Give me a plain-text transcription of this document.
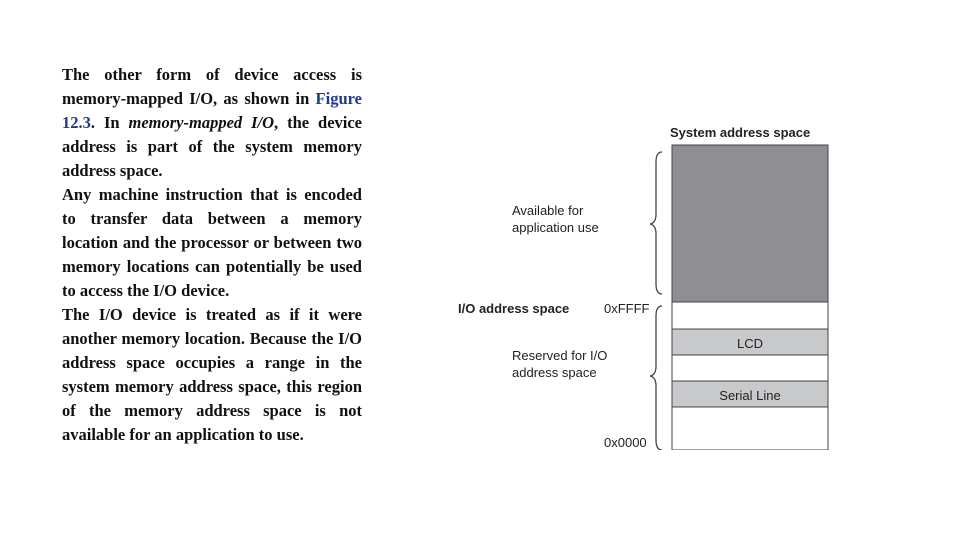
The other form of device access is memory-mapped I/O, as shown in Figure 12.3. In memory-mapped I/O, the device address is part of the system memory address space.

Any machine instruction that is encoded to transfer data between a memory location and the processor or between two memory locations can potentially be used to access the I/O device.

The I/O device is treated as if it were another memory location. Because the I/O address space occupies a range in the system memory address space, this region of the memory address space is not available for an application to use.

System address space
LCD
Serial Line
Available for
application use
I/O address space	0xFFFF
Reserved for I/O
address space
0x0000
